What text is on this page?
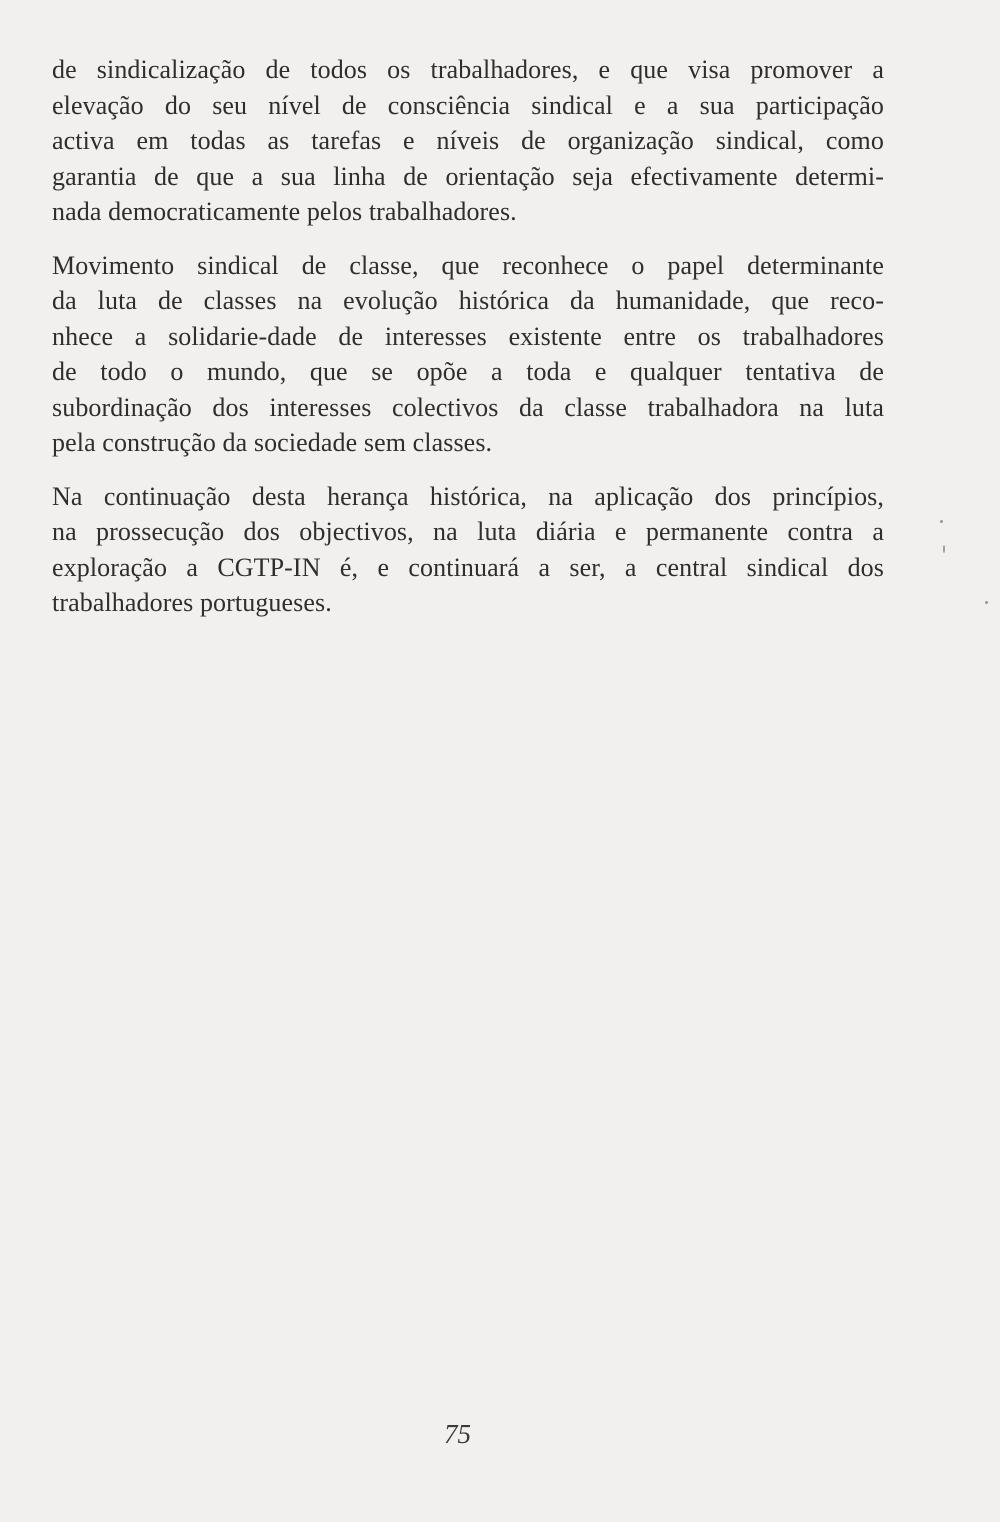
de sindicalização de todos os trabalhadores, e que visa promover a
elevação do seu nível de consciência sindical e a sua participação
activa em todas as tarefas e níveis de organização sindical, como
garantia de que a sua linha de orientação seja efectivamente determi-
nada democraticamente pelos trabalhadores.

Movimento sindical de classe, que reconhece o papel determinante
da luta de classes na evolução histórica da humanidade, que reco-
nhece a solidarie-dade de interesses existente entre os trabalhadores
de todo o mundo, que se opõe a toda e qualquer tentativa de
subordinação dos interesses colectivos da classe trabalhadora na luta
pela construção da sociedade sem classes.

Na continuação desta herança histórica, na aplicação dos princípios,
na prossecução dos objectivos, na luta diária e permanente contra a
exploração a CGTP-IN é, e continuará a ser, a central sindical dos
trabalhadores portugueses.

75
